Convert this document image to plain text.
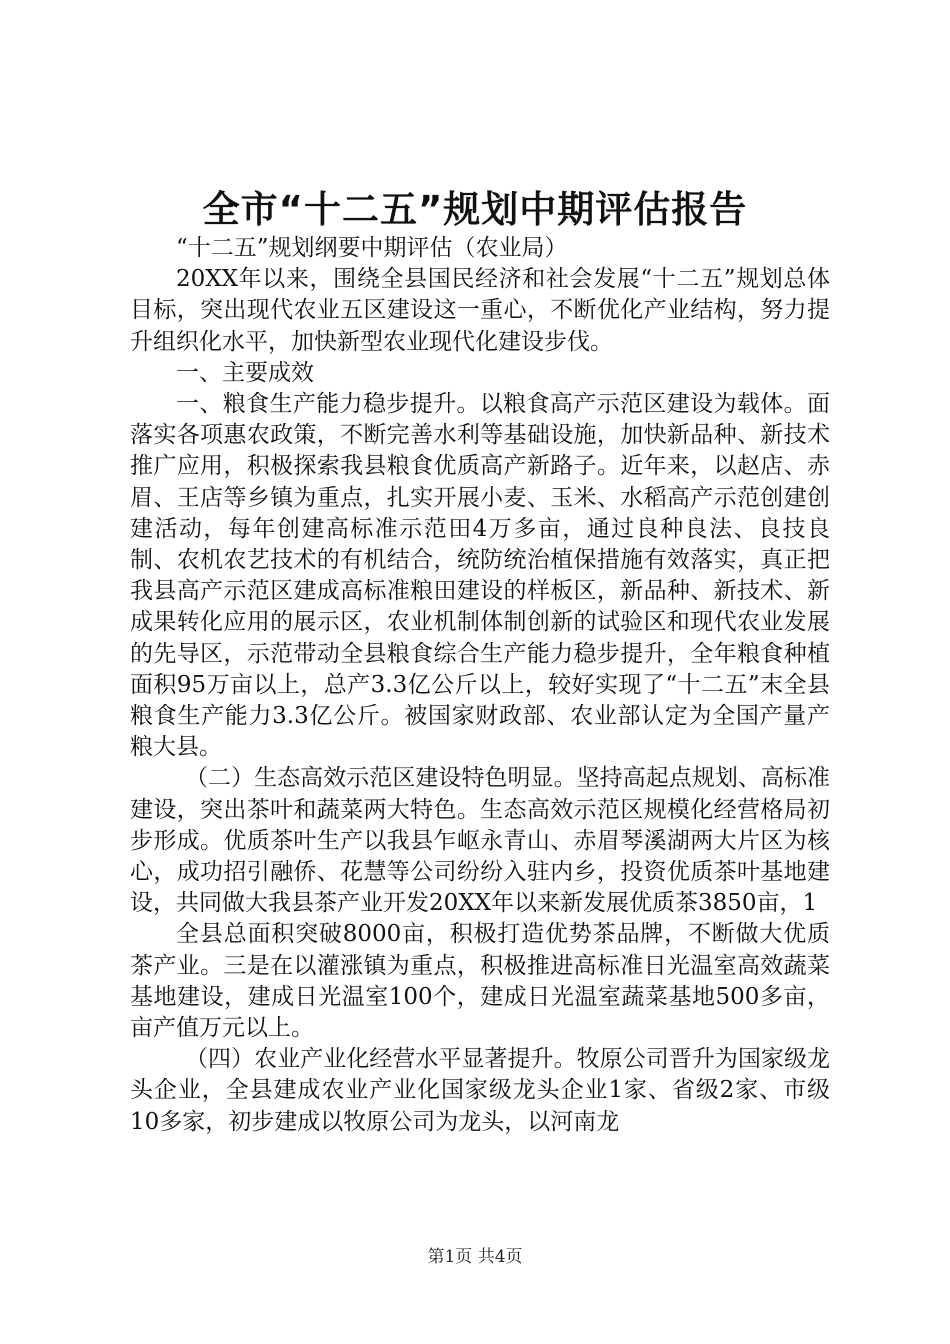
全市“十二五”规划中期评估报告

“十二五”规划纲要中期评估（农业局）

20XX年以来，围绕全县国民经济和社会发展“十二五”规划总体目标，突出现代农业五区建设这一重心，不断优化产业结构，努力提升组织化水平，加快新型农业现代化建设步伐。

一、主要成效

一、粮食生产能力稳步提升。以粮食高产示范区建设为载体。面落实各项惠农政策，不断完善水利等基础设施，加快新品种、新技术推广应用，积极探索我县粮食优质高产新路子。近年来，以赵店、赤眉、王店等乡镇为重点，扎实开展小麦、玉米、水稻高产示范创建创建活动，每年创建高标准示范田4万多亩，通过良种良法、良技良制、农机农艺技术的有机结合，统防统治植保措施有效落实，真正把我县高产示范区建成高标准粮田建设的样板区，新品种、新技术、新成果转化应用的展示区，农业机制体制创新的试验区和现代农业发展的先导区，示范带动全县粮食综合生产能力稳步提升，全年粮食种植面积95万亩以上，总产3.3亿公斤以上，较好实现了“十二五”末全县粮食生产能力3.3亿公斤。被国家财政部、农业部认定为全国产量产粮大县。

（二）生态高效示范区建设特色明显。坚持高起点规划、高标准建设，突出茶叶和蔬菜两大特色。生态高效示范区规模化经营格局初步形成。优质茶叶生产以我县乍岖永青山、赤眉琴溪湖两大片区为核心，成功招引融侨、花慧等公司纷纷入驻内乡，投资优质茶叶基地建设，共同做大我县茶产业开发20XX年以来新发展优质茶3850亩，1

全县总面积突破8000亩，积极打造优势茶品牌，不断做大优质茶产业。三是在以灌涨镇为重点，积极推进高标准日光温室高效蔬菜基地建设，建成日光温室100个，建成日光温室蔬菜基地500多亩，亩产值万元以上。

（四）农业产业化经营水平显著提升。牧原公司晋升为国家级龙头企业，全县建成农业产业化国家级龙头企业1家、省级2家、市级10多家，初步建成以牧原公司为龙头，以河南龙

第1页 共4页
